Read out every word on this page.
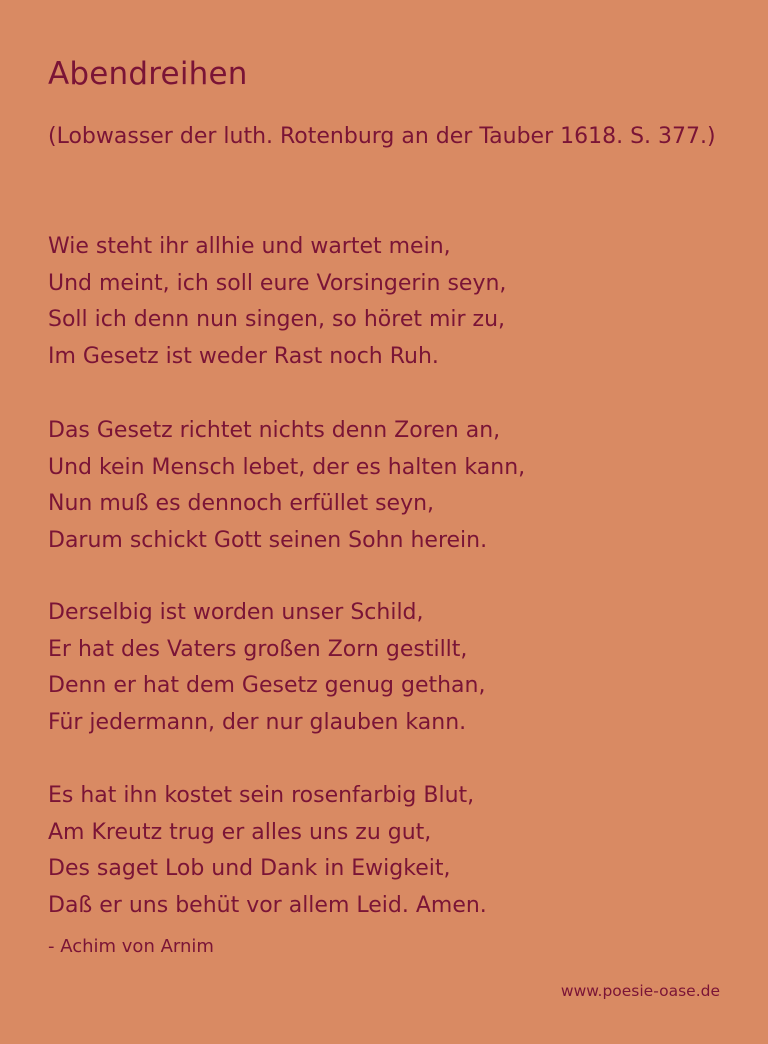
Abendreihen

(Lobwasser der luth. Rotenburg an der Tauber 1618. S. 377.)

Wie steht ihr allhie und wartet mein,
Und meint, ich soll eure Vorsingerin seyn,
Soll ich denn nun singen, so höret mir zu,
Im Gesetz ist weder Rast noch Ruh.

Das Gesetz richtet nichts denn Zoren an,
Und kein Mensch lebet, der es halten kann,
Nun muß es dennoch erfüllet seyn,
Darum schickt Gott seinen Sohn herein.

Derselbig ist worden unser Schild,
Er hat des Vaters großen Zorn gestillt,
Denn er hat dem Gesetz genug gethan,
Für jedermann, der nur glauben kann.

Es hat ihn kostet sein rosenfarbig Blut,
Am Kreutz trug er alles uns zu gut,
Des saget Lob und Dank in Ewigkeit,
Daß er uns behüt vor allem Leid. Amen.

- Achim von Arnim

www.poesie-oase.de
